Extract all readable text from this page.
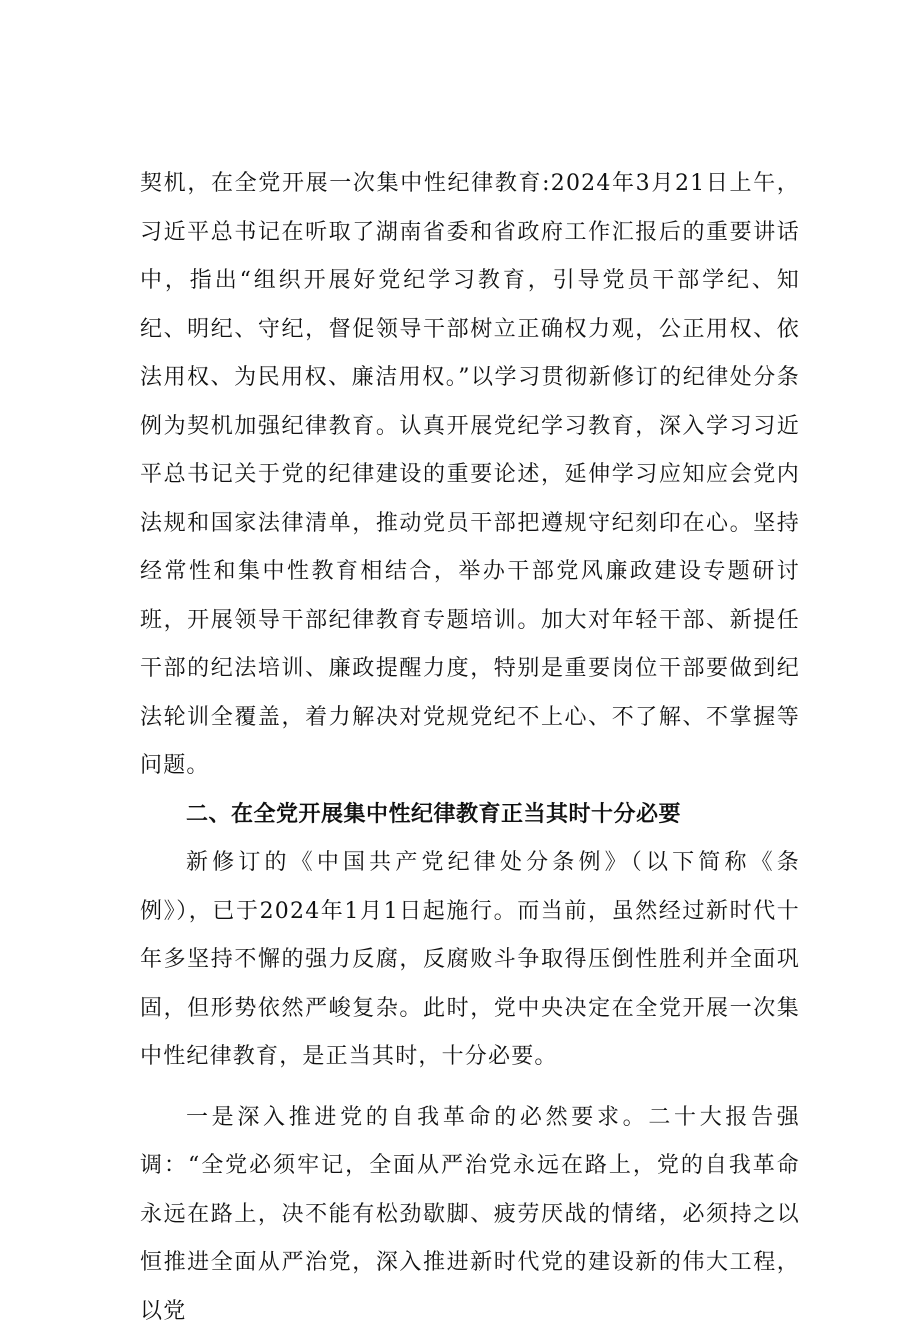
契机，在全党开展一次集中性纪律教育:2024年3月21日上午，习近平总书记在听取了湖南省委和省政府工作汇报后的重要讲话中，指出“组织开展好党纪学习教育，引导党员干部学纪、知纪、明纪、守纪，督促领导干部树立正确权力观，公正用权、依法用权、为民用权、廉洁用权。”以学习贯彻新修订的纪律处分条例为契机加强纪律教育。认真开展党纪学习教育，深入学习习近平总书记关于党的纪律建设的重要论述，延伸学习应知应会党内法规和国家法律清单，推动党员干部把遵规守纪刻印在心。坚持经常性和集中性教育相结合，举办干部党风廉政建设专题研讨班，开展领导干部纪律教育专题培训。加大对年轻干部、新提任干部的纪法培训、廉政提醒力度，特别是重要岗位干部要做到纪法轮训全覆盖，着力解决对党规党纪不上心、不了解、不掌握等问题。

二、在全党开展集中性纪律教育正当其时十分必要

新修订的《中国共产党纪律处分条例》（以下简称《条例》），已于2024年1月1日起施行。而当前，虽然经过新时代十年多坚持不懈的强力反腐，反腐败斗争取得压倒性胜利并全面巩固，但形势依然严峻复杂。此时，党中央决定在全党开展一次集中性纪律教育，是正当其时，十分必要。

一是深入推进党的自我革命的必然要求。二十大报告强调：“全党必须牢记，全面从严治党永远在路上，党的自我革命永远在路上，决不能有松劲歇脚、疲劳厌战的情绪，必须持之以恒推进全面从严治党，深入推进新时代党的建设新的伟大工程，以党
